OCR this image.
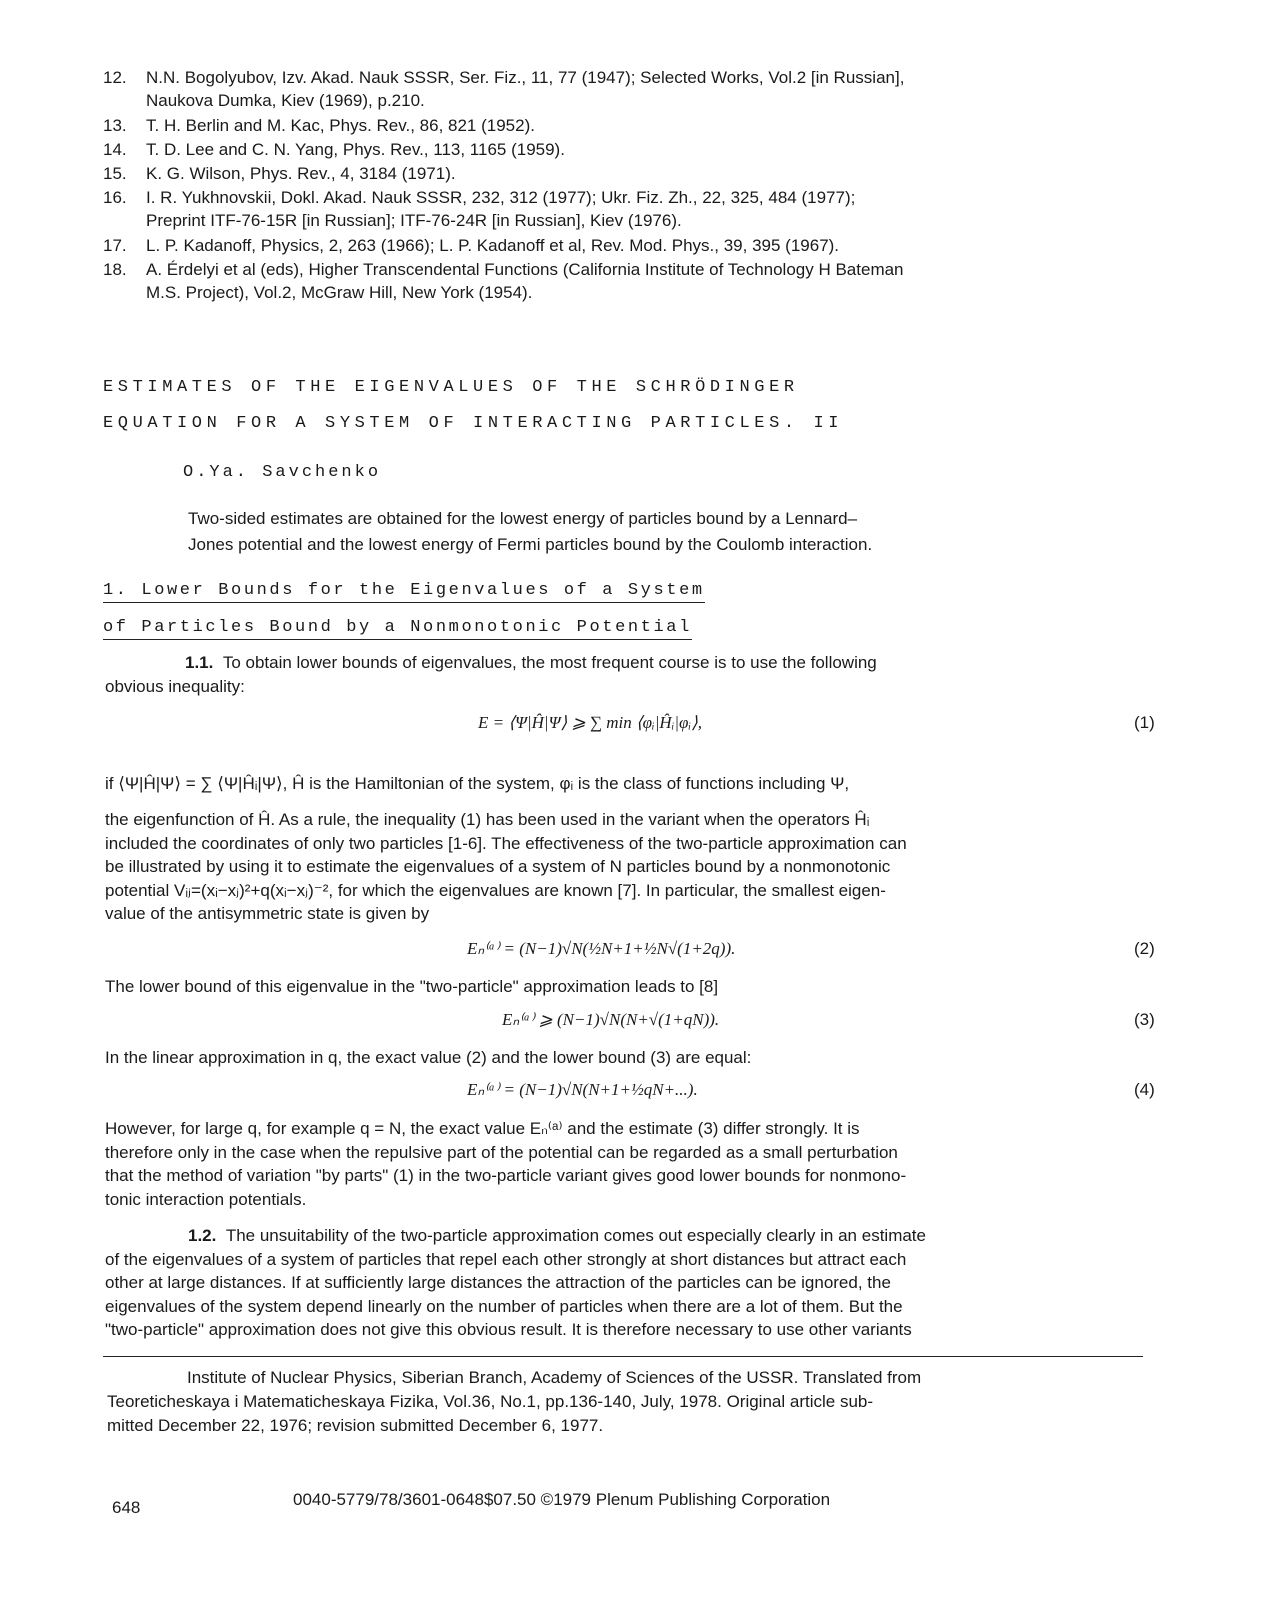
12. N.N. Bogolyubov, Izv. Akad. Nauk SSSR, Ser. Fiz., 11, 77 (1947); Selected Works, Vol.2 [in Russian],
Naukova Dumka, Kiev (1969), p.210.
13. T. H. Berlin and M. Kac, Phys. Rev., 86, 821 (1952).
14. T. D. Lee and C. N. Yang, Phys. Rev., 113, 1165 (1959).
15. K. G. Wilson, Phys. Rev., 4, 3184 (1971).
16. I. R. Yukhnovskii, Dokl. Akad. Nauk SSSR, 232, 312 (1977); Ukr. Fiz. Zh., 22, 325, 484 (1977);
Preprint ITF-76-15R [in Russian]; ITF-76-24R [in Russian], Kiev (1976).
17. L. P. Kadanoff, Physics, 2, 263 (1966); L. P. Kadanoff et al, Rev. Mod. Phys., 39, 395 (1967).
18. A. Érdelyi et al (eds), Higher Transcendental Functions (California Institute of Technology H Bateman
M.S. Project), Vol.2, McGraw Hill, New York (1954).
ESTIMATES OF THE EIGENVALUES OF THE SCHRÖDINGER
EQUATION FOR A SYSTEM OF INTERACTING PARTICLES. II
O.Ya. Savchenko
Two-sided estimates are obtained for the lowest energy of particles bound by a Lennard–
Jones potential and the lowest energy of Fermi particles bound by the Coulomb interaction.
1. Lower Bounds for the Eigenvalues of a System
of Particles Bound by a Nonmonotonic Potential
1.1. To obtain lower bounds of eigenvalues, the most frequent course is to use the following
obvious inequality:
E = ⟨Ψ|Ĥ|Ψ⟩ ⩾ ∑ min ⟨φᵢ|Ĥᵢ|φᵢ⟩,	(1)
if ⟨Ψ|Ĥ|Ψ⟩ = ∑ ⟨Ψ|Ĥᵢ|Ψ⟩, Ĥ is the Hamiltonian of the system, φᵢ is the class of functions including Ψ,
the eigenfunction of Ĥ. As a rule, the inequality (1) has been used in the variant when the operators Ĥᵢ
included the coordinates of only two particles [1-6]. The effectiveness of the two-particle approximation can
be illustrated by using it to estimate the eigenvalues of a system of N particles bound by a nonmonotonic
potential Vᵢⱼ=(xᵢ−xⱼ)²+q(xᵢ−xⱼ)⁻², for which the eigenvalues are known [7]. In particular, the smallest eigen-
value of the antisymmetric state is given by
Eₙ⁽ᵃ⁾ = (N−1)√N(½N+1+½N√(1+2q)).	(2)
The lower bound of this eigenvalue in the "two-particle" approximation leads to [8]
Eₙ⁽ᵃ⁾ ⩾ (N−1)√N(N+√(1+qN)).	(3)
In the linear approximation in q, the exact value (2) and the lower bound (3) are equal:
Eₙ⁽ᵃ⁾ = (N−1)√N(N+1+½qN+...).	(4)
However, for large q, for example q = N, the exact value Eₙ⁽ᵃ⁾ and the estimate (3) differ strongly. It is
therefore only in the case when the repulsive part of the potential can be regarded as a small perturbation
that the method of variation "by parts" (1) in the two-particle variant gives good lower bounds for nonmono-
tonic interaction potentials.
1.2. The unsuitability of the two-particle approximation comes out especially clearly in an estimate
of the eigenvalues of a system of particles that repel each other strongly at short distances but attract each
other at large distances. If at sufficiently large distances the attraction of the particles can be ignored, the
eigenvalues of the system depend linearly on the number of particles when there are a lot of them. But the
"two-particle" approximation does not give this obvious result. It is therefore necessary to use other variants
Institute of Nuclear Physics, Siberian Branch, Academy of Sciences of the USSR. Translated from
Teoreticheskaya i Matematicheskaya Fizika, Vol.36, No.1, pp.136-140, July, 1978. Original article sub-
mitted December 22, 1976; revision submitted December 6, 1977.
648	0040-5779/78/3601-0648$07.50 ©1979 Plenum Publishing Corporation
